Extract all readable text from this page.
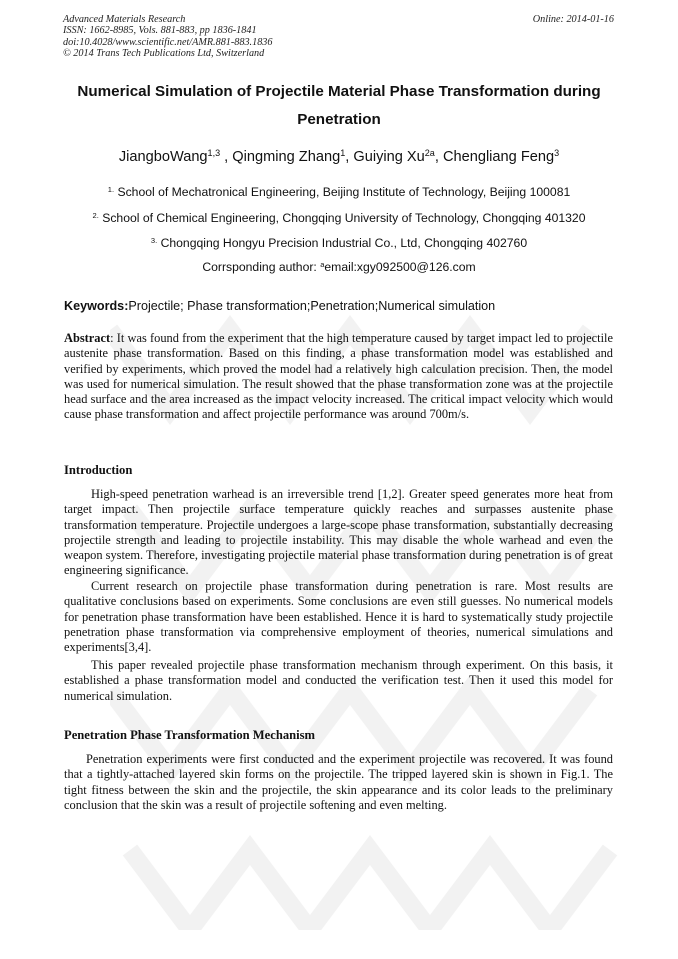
Advanced Materials Research
ISSN: 1662-8985, Vols. 881-883, pp 1836-1841
doi:10.4028/www.scientific.net/AMR.881-883.1836
© 2014 Trans Tech Publications Ltd, Switzerland
Online: 2014-01-16
Numerical Simulation of Projectile Material Phase Transformation during
Penetration
JiangboWang$^{1,3}$ , Qingming Zhang$^1$, Guiying $Xu^{2a}$, Chengliang Feng$^3$
$^{1.}$ School of Mechatronical Engineering, Beijing Institute of Technology, Beijing 100081
$^{2.}$ School of Chemical Engineering, Chongqing University of Technology, Chongqing 401320
$^{3.}$ Chongqing Hongyu Precision Industrial Co., Ltd, Chongqing 402760
Corrsponding author: $^a$email:xgy092500@126.com
Keywords:Projectile; Phase transformation;Penetration;Numerical simulation

Abstract: It was found from the experiment that the high temperature caused by target impact led to projectile austenite phase transformation. Based on this finding, a phase transformation model was established and verified by experiments, which proved the model had a relatively high calculation precision. Then, the model was used for numerical simulation. The result showed that the phase transformation zone was at the projectile head surface and the area increased as the impact velocity increased. The critical impact velocity which would cause phase transformation and affect projectile performance was around 700m/s.

Introduction

High-speed penetration warhead is an irreversible trend [1,2]. Greater speed generates more heat from target impact. Then projectile surface temperature quickly reaches and surpasses austenite phase transformation temperature. Projectile undergoes a large-scope phase transformation, substantially decreasing projectile strength and leading to projectile instability. This may disable the whole warhead and even the weapon system. Therefore, investigating projectile material phase transformation during penetration is of great engineering significance.

Current research on projectile phase transformation during penetration is rare. Most results are qualitative conclusions based on experiments. Some conclusions are even still guesses. No numerical models for penetration phase transformation have been established. Hence it is hard to systematically study projectile penetration phase transformation via comprehensive employment of theories, numerical simulations and experiments[3,4].

This paper revealed projectile phase transformation mechanism through experiment. On this basis, it established a phase transformation model and conducted the verification test. Then it used this model for numerical simulation.

Penetration Phase Transformation Mechanism

Penetration experiments were first conducted and the experiment projectile was recovered. It was found that a tightly-attached layered skin forms on the projectile. The tripped layered skin is shown in Fig.1. The tight fitness between the skin and the projectile, the skin appearance and its color leads to the preliminary conclusion that the skin was a result of projectile softening and even melting.
